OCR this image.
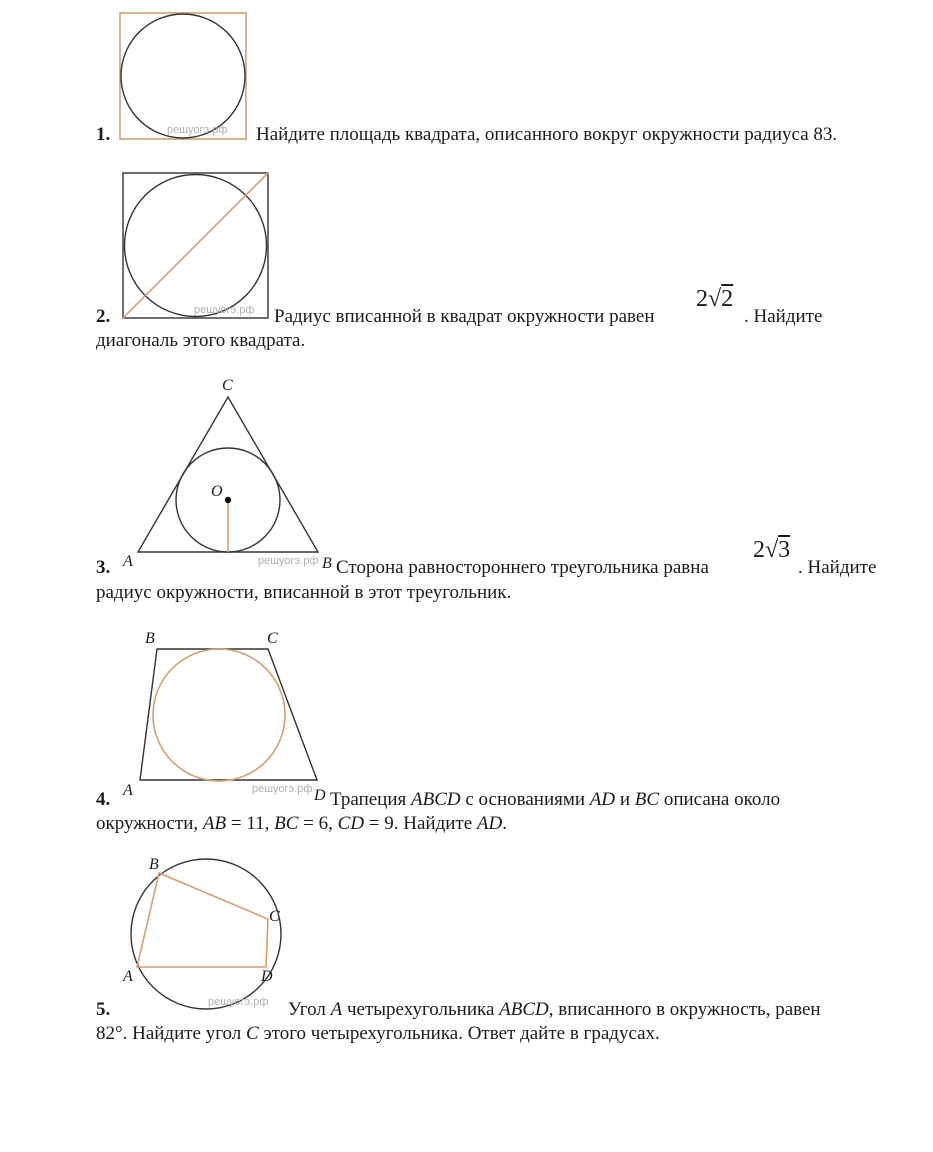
решуогэ.рф
1.	Найдите площадь квадрата, описанного вокруг окружности радиуса 83.
решуогэ.рф
2.	Радиус вписанной в квадрат окружности равен
2√2
. Найдите
диагональ этого квадрата.
C
O
A	решуогэ.рф
3.	B Сторона равностороннего треугольника равна
2√3
. Найдите
радиус окружности, вписанной в этот треугольник.
B	C
A	решуогэ.рф
4.	D Трапеция ABCD с основаниями AD и BC описана около
окружности, AB = 11, BC = 6, CD = 9. Найдите AD.
B
C
A	D
решуогэ.рф
5.	Угол A четырехугольника ABCD, вписанного в окружность, равен
82°. Найдите угол C этого четырехугольника. Ответ дайте в градусах.
